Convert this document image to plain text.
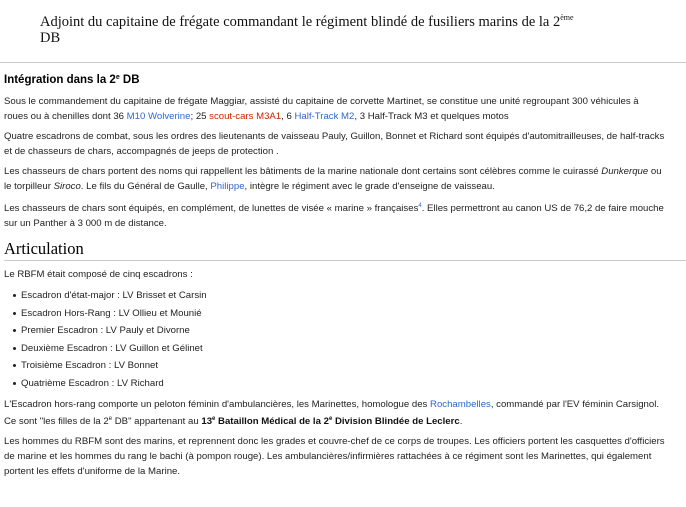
Adjoint du capitaine de frégate commandant le régiment blindé de fusiliers marins de la 2ème
DB
Intégration dans la 2e DB

Sous le commandement du capitaine de frégate Maggiar, assisté du capitaine de corvette Martinet, se constitue une unité regroupant 300 véhicules à
roues ou à chenilles dont 36 M10 Wolverine; 25 scout-cars M3A1, 6 Half-Track M2, 3 Half-Track M3 et quelques motos

Quatre escadrons de combat, sous les ordres des lieutenants de vaisseau Pauly, Guillon, Bonnet et Richard sont équipés d'automitrailleuses, de half-tracks
et de chasseurs de chars, accompagnés de jeeps de protection .

Les chasseurs de chars portent des noms qui rappellent les bâtiments de la marine nationale dont certains sont célèbres comme le cuirassé Dunkerque ou
le torpilleur Siroco. Le fils du Général de Gaulle, Philippe, intègre le régiment avec le grade d'enseigne de vaisseau.

Les chasseurs de chars sont équipés, en complément, de lunettes de visée « marine » françaises$^4$. Elles permettront au canon US de 76,2 de faire mouche
sur un Panther à 3 000 m de distance.

Articulation

Le RBFM était composé de cinq escadrons :

Escadron d'état-major : LV Brisset et Carsin
Escadron Hors-Rang : LV Ollieu et Mounié
Premier Escadron : LV Pauly et Divorne
Deuxième Escadron : LV Guillon et Gélinet
Troisième Escadron : LV Bonnet
Quatrième Escadron : LV Richard

L'Escadron hors-rang comporte un peloton féminin d'ambulancières, les Marinettes, homologue des Rochambelles, commandé par l'EV féminin Carsignol.
Ce sont "les filles de la 2e DB" appartenant au 13e Bataillon Médical de la 2e Division Blindée de Leclerc.

Les hommes du RBFM sont des marins, et reprennent donc les grades et couvre-chef de ce corps de troupes. Les officiers portent les casquettes d'officiers
de marine et les hommes du rang le bachi (à pompon rouge). Les ambulancières/infirmières rattachées à ce régiment sont les Marinettes, qui également
portent les effets d'uniforme de la Marine.
